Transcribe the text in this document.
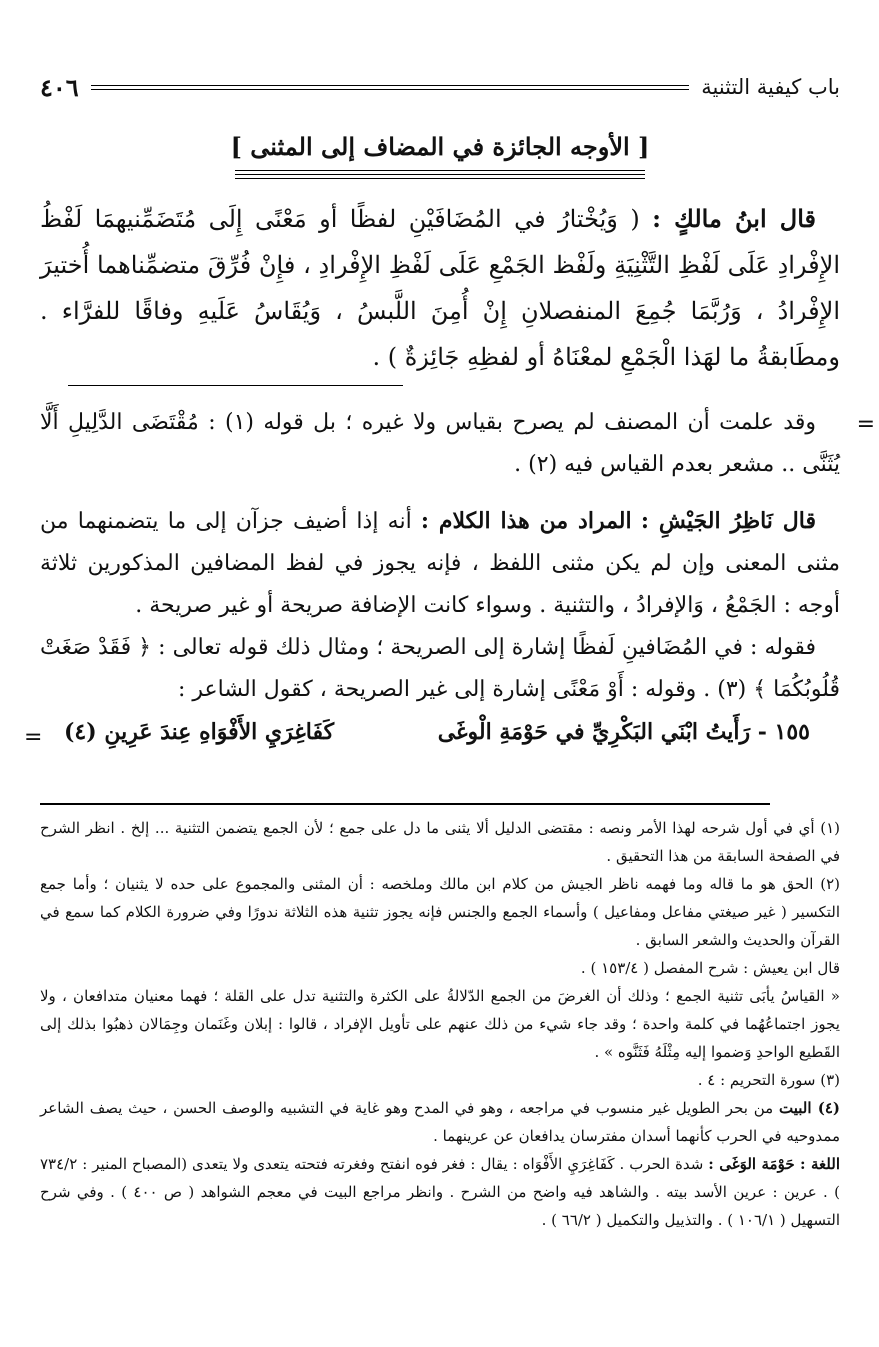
باب كيفية التثنية
٤٠٦
[ الأوجه الجائزة في المضاف إلى المثنى ]

قال ابنُ مالكٍ : ( وَيُخْتارُ في المُضَافَيْنِ لفظًا أو مَعْنًى إِلَى مُتَضَمِّنيهمَا لَفْظُ الإِفْرادِ عَلَى لَفْظِ التَّثْنِيَةِ ولَفْظ الجَمْعِ عَلَى لَفْظِ الإِفْرادِ ، فإِنْ فُرِّقَ متضمِّناهما أُختيرَ الإِفْرادُ ، وَرُبَّمَا جُمِعَ المنفصلانِ إِنْ أُمِنَ اللَّبسُ ، وَيُقَاسُ عَلَيهِ وفاقًا للفرَّاء . ومطَابقةُ ما لهَذا الْجَمْعِ لمعْنَاهُ أو لفظِهِ جَائِزةٌ ) .

وقد علمت أن المصنف لم يصرح بقياس ولا غيره ؛ بل قوله (١) : مُقْتَضَى الدَّلِيلِ أَلَّا يُثَنَّى .. مشعر بعدم القياس فيه (٢) .

قال نَاظِرُ الجَيْشِ : المراد من هذا الكلام : أنه إذا أضيف جزآن إلى ما يتضمنهما من مثنى المعنى وإن لم يكن مثنى اللفظ ، فإنه يجوز في لفظ المضافين المذكورين ثلاثة أوجه : الجَمْعُ ، وَالإفرادُ ، والتثنية . وسواء كانت الإضافة صريحة أو غير صريحة .

فقوله : في المُضَافينِ لَفظًا إشارة إلى الصريحة ؛ ومثال ذلك قوله تعالى : ﴿ فَقَدْ صَغَتْ قُلُوبُكُمَا ﴾ (٣) . وقوله : أَوْ مَعْنًى إشارة إلى غير الصريحة ، كقول الشاعر :

١٥٥ - رَأَيتُ ابْنَي البَكْرِيِّ في حَوْمَةِ الْوغَى
كَفَاغِرَيِ الأَفْوَاهِ عِندَ عَرِينِ (٤)

(١) أي في أول شرحه لهذا الأمر ونصه : مقتضى الدليل ألا يثنى ما دل على جمع ؛ لأن الجمع يتضمن التثنية ... إلخ . انظر الشرح في الصفحة السابقة من هذا التحقيق .

(٢) الحق هو ما قاله وما فهمه ناظر الجيش من كلام ابن مالك وملخصه : أن المثنى والمجموع على حده لا يثنيان ؛ وأما جمع التكسير ( غير صيغتي مفاعل ومفاعيل ) وأسماء الجمع والجنس فإنه يجوز تثنية هذه الثلاثة ندورًا وفي ضرورة الكلام كما سمع في القرآن والحديث والشعر السابق .

قال ابن يعيش : شرح المفصل ( ١٥٣/٤ ) .

« القياسُ يأبَى تثنية الجمع ؛ وذلك أن الغرضَ من الجمع الدّلالةُ على الكثرة والتثنية تدل على القلة ؛ فهما معنيان متدافعان ، ولا يجوز اجتماعُهُما في كلمة واحدة ؛ وقد جاء شيء من ذلك عنهم على تأويل الإفراد ، قالوا : إبلان وغَنَمان وجِمَالان ذهبُوا بذلك إلى القَطيع الواحدِ وَضموا إليه مِثْلَهُ فَثَنَّوه » .

(٣) سورة التحريم : ٤ .

(٤) البيت من بحر الطويل غير منسوب في مراجعه ، وهو في المدح وهو غاية في التشبيه والوصف الحسن ، حيث يصف الشاعر ممدوحيه في الحرب كأنهما أسدان مفترسان يدافعان عن عرينهما .

اللغة : حَوْمَة الوَغَى : شدة الحرب . كَفَاغِرَيِ الأَفْوَاه : يقال : فغر فوه انفتح وفغرته فتحته يتعدى ولا يتعدى (المصباح المنير : ٧٣٤/٢ ) . عرين : عرين الأسد بيته . والشاهد فيه واضح من الشرح . وانظر مراجع البيت في معجم الشواهد ( ص ٤٠٠ ) . وفي شرح التسهيل ( ١٠٦/١ ) . والتذييل والتكميل ( ٦٦/٢ ) .

=
=
